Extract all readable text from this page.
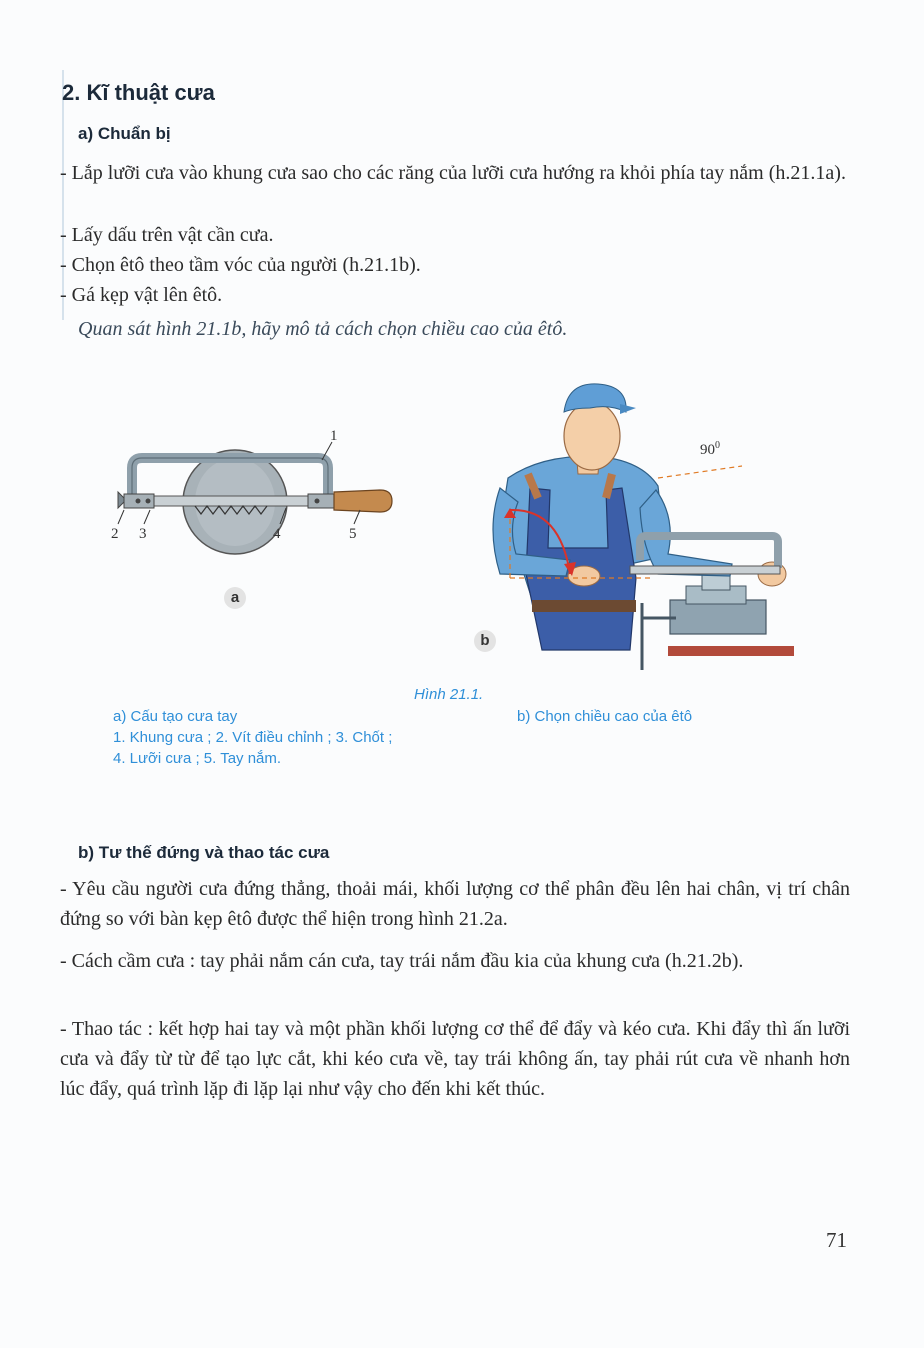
2. Kĩ thuật cưa
a) Chuẩn bị

- Lắp lưỡi cưa vào khung cưa sao cho các răng của lưỡi cưa hướng ra khỏi phía tay nắm (h.21.1a).

- Lấy dấu trên vật cần cưa.
- Chọn êtô theo tầm vóc của người (h.21.1b).
- Gá kẹp vật lên êtô.
Quan sát hình 21.1b, hãy mô tả cách chọn chiều cao của êtô.
1
2 3	4	5
a
$90^0$
b
Hình 21.1.
a) Cấu tạo cưa tay
1. Khung cưa ; 2. Vít điều chỉnh ; 3. Chốt ;
4. Lưỡi cưa ; 5. Tay nắm.
b) Chọn chiều cao của êtô
b) Tư thế đứng và thao tác cưa

- Yêu cầu người cưa đứng thẳng, thoải mái, khối lượng cơ thể phân đều lên hai chân, vị trí chân đứng so với bàn kẹp êtô được thể hiện trong hình 21.2a.

- Cách cầm cưa : tay phải nắm cán cưa, tay trái nắm đầu kia của khung cưa (h.21.2b).

- Thao tác : kết hợp hai tay và một phần khối lượng cơ thể để đẩy và kéo cưa. Khi đẩy thì ấn lưỡi cưa và đẩy từ từ để tạo lực cắt, khi kéo cưa về, tay trái không ấn, tay phải rút cưa về nhanh hơn lúc đẩy, quá trình lặp đi lặp lại như vậy cho đến khi kết thúc.

71
